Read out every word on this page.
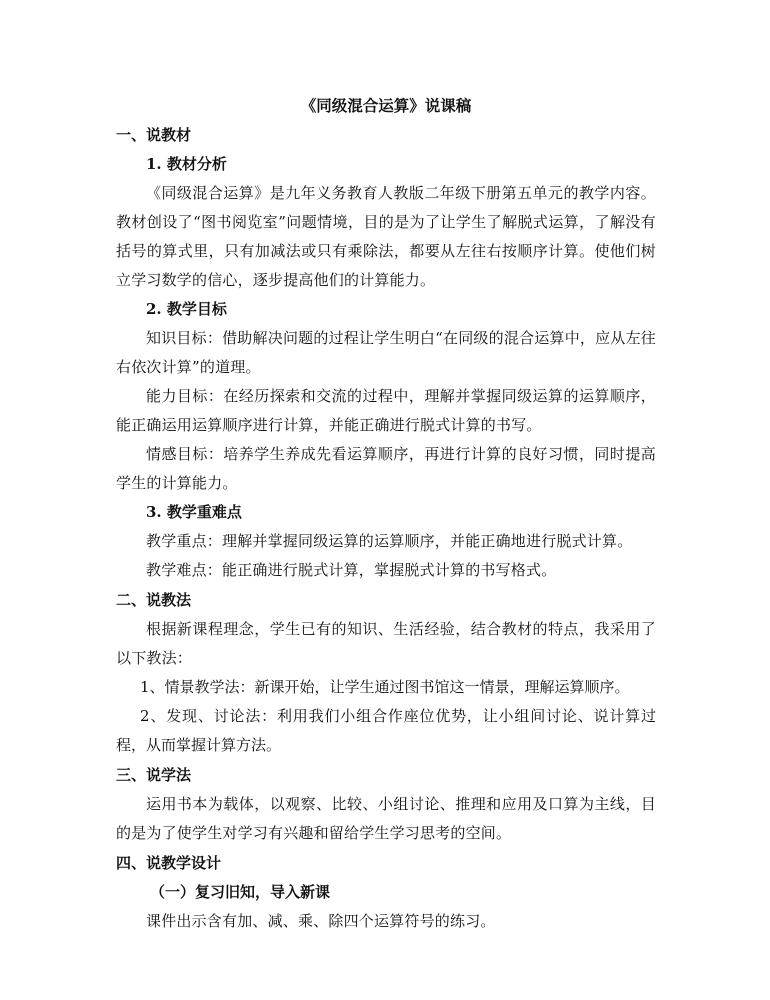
《同级混合运算》说课稿

一、说教材

1. 教材分析

《同级混合运算》是九年义务教育人教版二年级下册第五单元的教学内容。教材创设了“图书阅览室”问题情境，目的是为了让学生了解脱式运算，了解没有括号的算式里，只有加减法或只有乘除法，都要从左往右按顺序计算。使他们树立学习数学的信心，逐步提高他们的计算能力。

2. 教学目标

知识目标：借助解决问题的过程让学生明白“在同级的混合运算中，应从左往右依次计算”的道理。

能力目标：在经历探索和交流的过程中，理解并掌握同级运算的运算顺序，能正确运用运算顺序进行计算，并能正确进行脱式计算的书写。

情感目标：培养学生养成先看运算顺序，再进行计算的良好习惯，同时提高学生的计算能力。

3. 教学重难点

教学重点：理解并掌握同级运算的运算顺序，并能正确地进行脱式计算。

教学难点：能正确进行脱式计算，掌握脱式计算的书写格式。

二、说教法

根据新课程理念，学生已有的知识、生活经验，结合教材的特点，我采用了以下教法：

1、情景教学法：新课开始，让学生通过图书馆这一情景，理解运算顺序。

2、发现、讨论法：利用我们小组合作座位优势，让小组间讨论、说计算过程，从而掌握计算方法。

三、说学法

运用书本为载体，以观察、比较、小组讨论、推理和应用及口算为主线，目的是为了使学生对学习有兴趣和留给学生学习思考的空间。

四、说教学设计

（一）复习旧知，导入新课

课件出示含有加、减、乘、除四个运算符号的练习。
